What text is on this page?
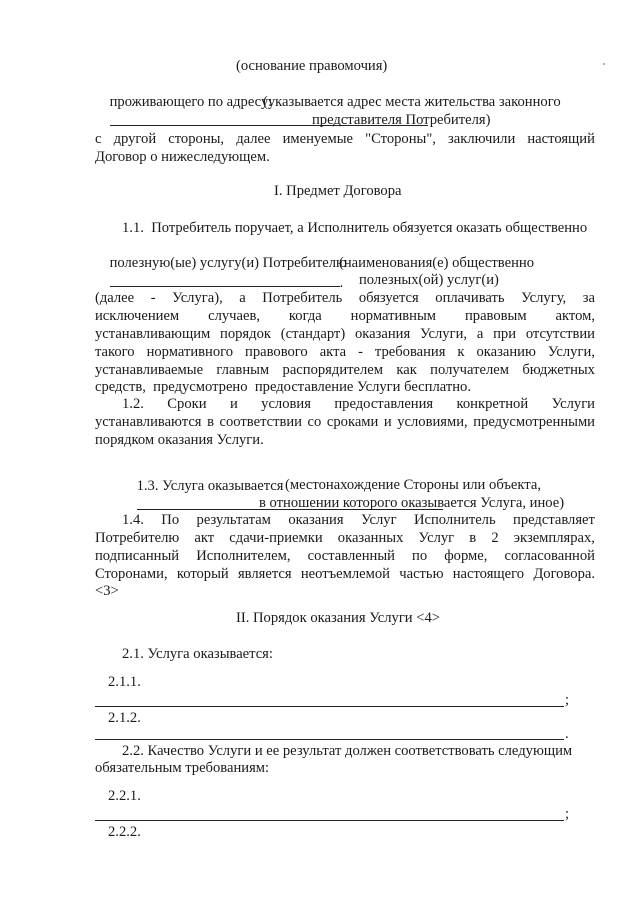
(основание правомочия)

проживающего по адресу:

(указывается адрес места жительства законного
представителя Потребителя)
с другой стороны, далее именуемые "Стороны", заключили настоящий
Договор о нижеследующем.
I. Предмет Договора
1.1.  Потребитель поручает, а Исполнитель обязуется оказать общественно

полезную(ые) услугу(и) Потребителю
.

(наименования(е) общественно
полезных(ой) услуг(и)
(далее - Услуга), а Потребитель обязуется оплачивать Услугу, за
исключением случаев, когда нормативным правовым актом,
устанавливающим порядок (стандарт) оказания Услуги, а при отсутствии
такого нормативного правового акта - требования к оказанию Услуги,
устанавливаемые главным распорядителем как получателем бюджетных
средств,  предусмотрено  предоставление Услуги бесплатно.
1.2. Сроки и условия предоставления конкретной Услуги
устанавливаются в соответствии со сроками и условиями, предусмотренными
порядком оказания Услуги.

1.3. Услуга оказывается

(местонахождение Стороны или объекта,
в отношении которого оказывается Услуга, иное)
1.4. По результатам оказания Услуг Исполнитель представляет
Потребителю акт сдачи-приемки оказанных Услуг в 2 экземплярах,
подписанный Исполнителем, составленный по форме, согласованной
Сторонами, который является неотъемлемой частью настоящего Договора.
<3>
II. Порядок оказания Услуги <4>
2.1. Услуга оказывается:
2.1.1.
;
2.1.2.
.
2.2. Качество Услуги и ее результат должен соответствовать следующим
обязательным требованиям:
2.2.1.
;
2.2.2.
